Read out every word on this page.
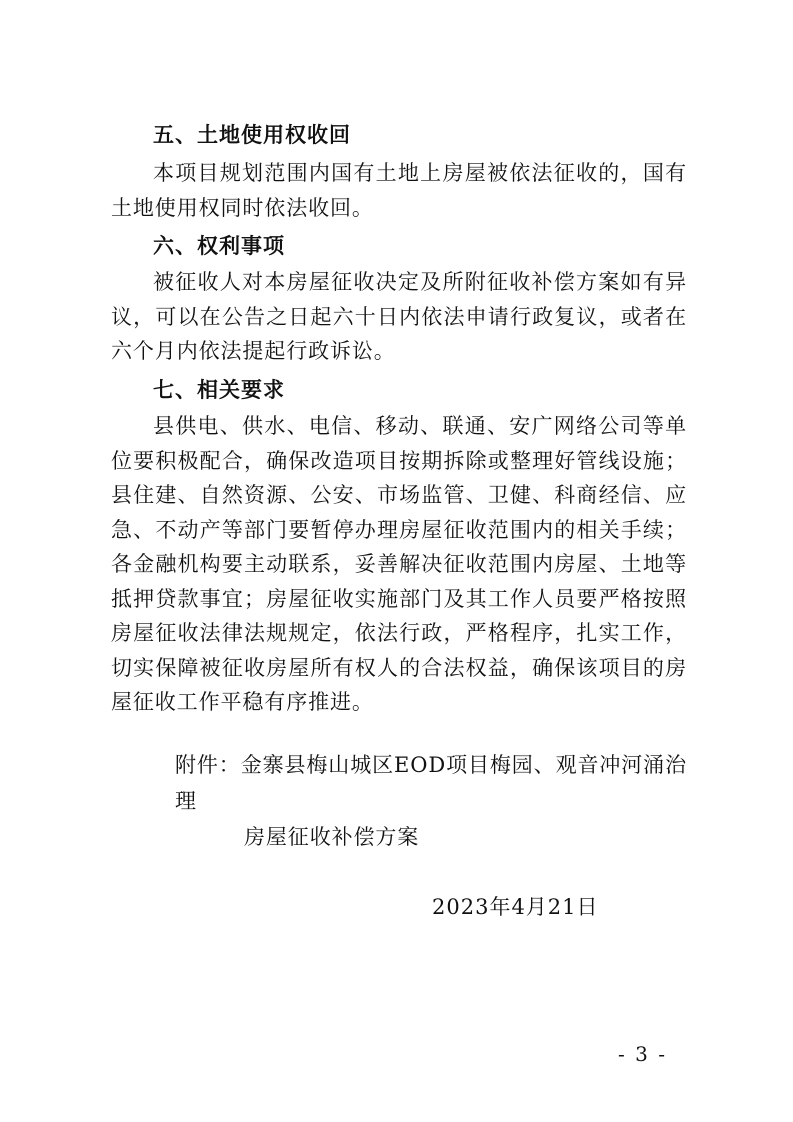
五、土地使用权收回

本项目规划范围内国有土地上房屋被依法征收的，国有土地使用权同时依法收回。

六、权利事项

被征收人对本房屋征收决定及所附征收补偿方案如有异议，可以在公告之日起六十日内依法申请行政复议，或者在六个月内依法提起行政诉讼。

七、相关要求

县供电、供水、电信、移动、联通、安广网络公司等单位要积极配合，确保改造项目按期拆除或整理好管线设施；县住建、自然资源、公安、市场监管、卫健、科商经信、应急、不动产等部门要暂停办理房屋征收范围内的相关手续；各金融机构要主动联系，妥善解决征收范围内房屋、土地等抵押贷款事宜；房屋征收实施部门及其工作人员要严格按照房屋征收法律法规规定，依法行政，严格程序，扎实工作，切实保障被征收房屋所有权人的合法权益，确保该项目的房屋征收工作平稳有序推进。

附件：金寨县梅山城区EOD项目梅园、观音冲河涌治理
房屋征收补偿方案

2023年4月21日

- 3 -
